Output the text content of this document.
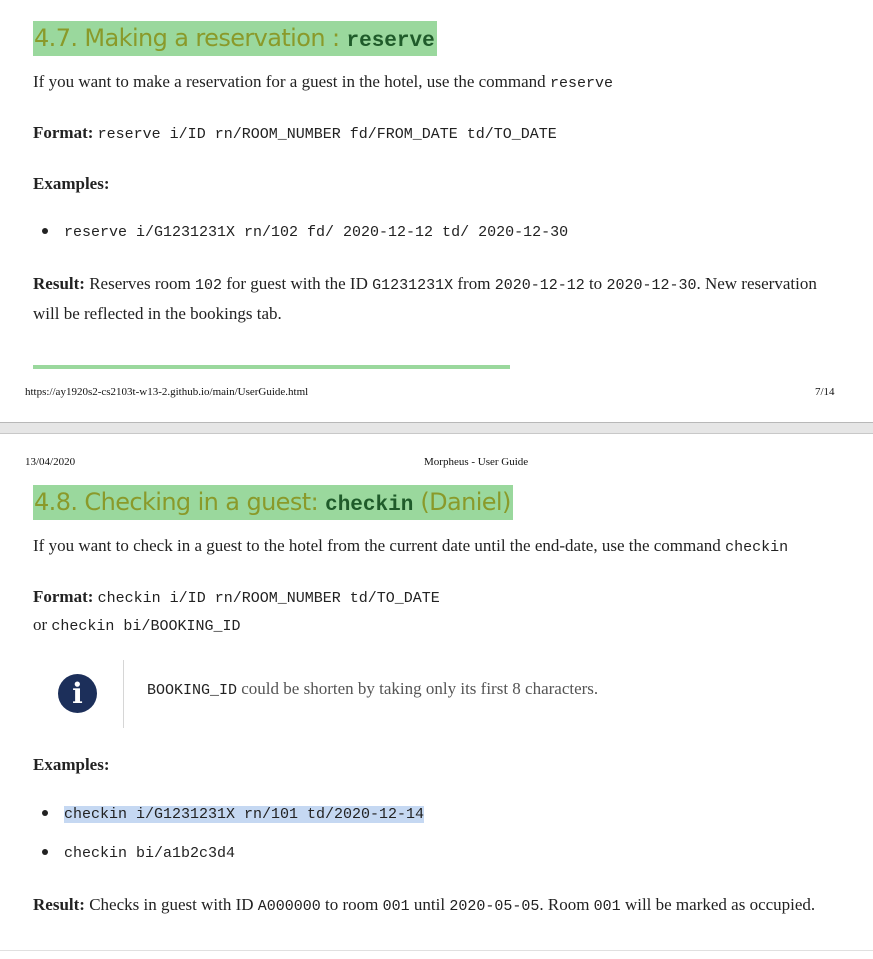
4.7. Making a reservation : reserve
If you want to make a reservation for a guest in the hotel, use the command reserve
Format: reserve i/ID rn/ROOM_NUMBER fd/FROM_DATE td/TO_DATE
Examples:
reserve i/G1231231X rn/102 fd/ 2020-12-12 td/ 2020-12-30
Result: Reserves room 102 for guest with the ID G1231231X from 2020-12-12 to 2020-12-30. New reservation will be reflected in the bookings tab.
https://ay1920s2-cs2103t-w13-2.github.io/main/UserGuide.html	7/14
13/04/2020	Morpheus - User Guide
4.8. Checking in a guest: checkin (Daniel)
If you want to check in a guest to the hotel from the current date until the end-date, use the command checkin
Format: checkin i/ID rn/ROOM_NUMBER td/TO_DATE
or checkin bi/BOOKING_ID
i	BOOKING_ID could be shorten by taking only its first 8 characters.
Examples:
checkin i/G1231231X rn/101 td/2020-12-14
checkin bi/a1b2c3d4
Result: Checks in guest with ID A000000 to room 001 until 2020-05-05. Room 001 will be marked as occupied.
